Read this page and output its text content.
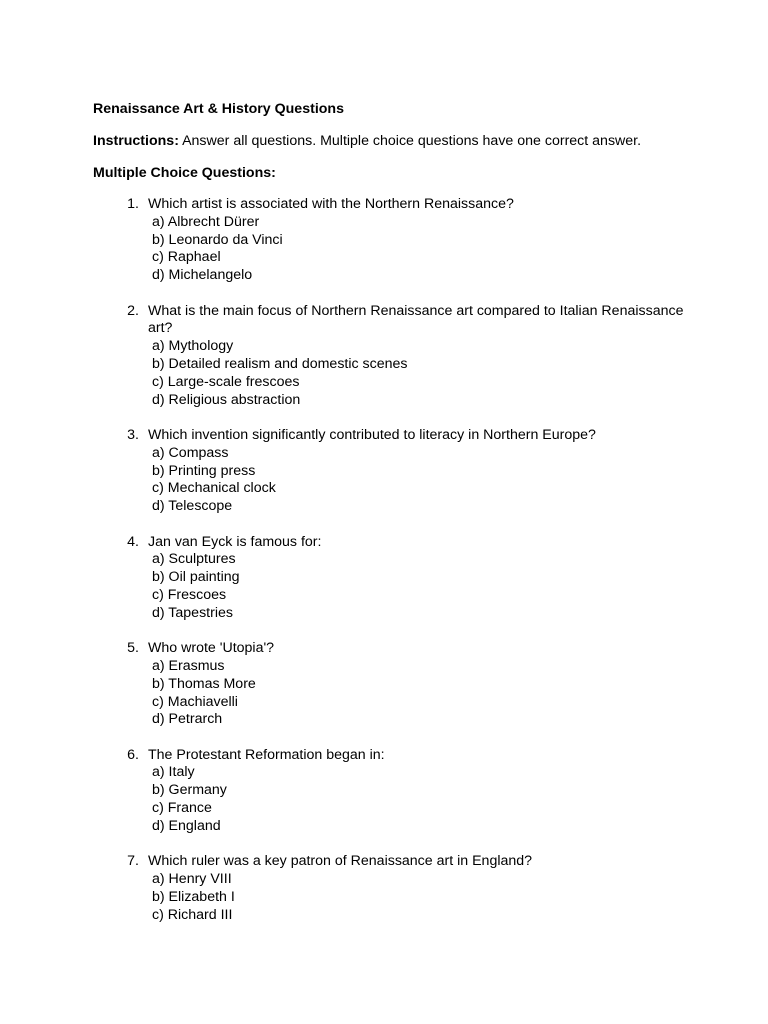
Renaissance Art & History Questions
Instructions: Answer all questions. Multiple choice questions have one correct answer.
Multiple Choice Questions:
1. Which artist is associated with the Northern Renaissance?
a) Albrecht Dürer
b) Leonardo da Vinci
c) Raphael
d) Michelangelo
2. What is the main focus of Northern Renaissance art compared to Italian Renaissance art?
a) Mythology
b) Detailed realism and domestic scenes
c) Large-scale frescoes
d) Religious abstraction
3. Which invention significantly contributed to literacy in Northern Europe?
a) Compass
b) Printing press
c) Mechanical clock
d) Telescope
4. Jan van Eyck is famous for:
a) Sculptures
b) Oil painting
c) Frescoes
d) Tapestries
5. Who wrote 'Utopia'?
a) Erasmus
b) Thomas More
c) Machiavelli
d) Petrarch
6. The Protestant Reformation began in:
a) Italy
b) Germany
c) France
d) England
7. Which ruler was a key patron of Renaissance art in England?
a) Henry VIII
b) Elizabeth I
c) Richard III
